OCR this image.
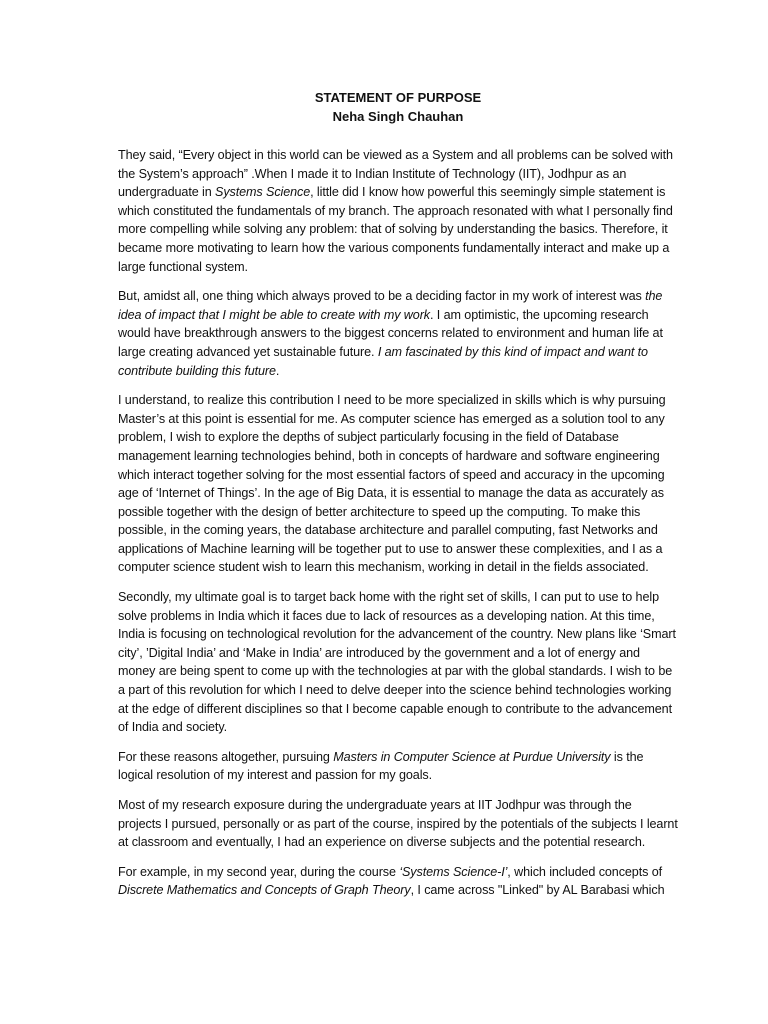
STATEMENT OF PURPOSE

Neha Singh Chauhan

They said, “Every object in this world can be viewed as a System and all problems can be solved with the System’s approach” .When I made it to Indian Institute of Technology (IIT), Jodhpur as an undergraduate in Systems Science, little did I know how powerful this seemingly simple statement is which constituted the fundamentals of my branch. The approach resonated with what I personally find more compelling while solving any problem: that of solving by understanding the basics. Therefore, it became more motivating to learn how the various components fundamentally interact and make up a large functional system.

But, amidst all, one thing which always proved to be a deciding factor in my work of interest was the idea of impact that I might be able to create with my work. I am optimistic, the upcoming research would have breakthrough answers to the biggest concerns related to environment and human life at large creating advanced yet sustainable future. I am fascinated by this kind of impact and want to contribute building this future.

I understand, to realize this contribution I need to be more specialized in skills which is why pursuing Master’s at this point is essential for me. As computer science has emerged as a solution tool to any problem, I wish to explore the depths of subject particularly focusing in the field of Database management learning technologies behind, both in concepts of hardware and software engineering which interact together solving for the most essential factors of speed and accuracy in the upcoming age of ‘Internet of Things’. In the age of Big Data, it is essential to manage the data as accurately as possible together with the design of better architecture to speed up the computing. To make this possible, in the coming years, the database architecture and parallel computing, fast Networks and applications of Machine learning will be together put to use to answer these complexities, and I as a computer science student wish to learn this mechanism, working in detail in the fields associated.

Secondly, my ultimate goal is to target back home with the right set of skills, I can put to use to help solve problems in India which it faces due to lack of resources as a developing nation. At this time, India is focusing on technological revolution for the advancement of the country. New plans like ‘Smart city’, ’Digital India’ and ‘Make in India’ are introduced by the government and a lot of energy and money are being spent to come up with the technologies at par with the global standards. I wish to be a part of this revolution for which I need to delve deeper into the science behind technologies working at the edge of different disciplines so that I become capable enough to contribute to the advancement of India and society.

For these reasons altogether, pursuing Masters in Computer Science at Purdue University is the logical resolution of my interest and passion for my goals.

Most of my research exposure during the undergraduate years at IIT Jodhpur was through the projects I pursued, personally or as part of the course, inspired by the potentials of the subjects I learnt at classroom and eventually, I had an experience on diverse subjects and the potential research.

For example, in my second year, during the course ‘Systems Science-I’, which included concepts of Discrete Mathematics and Concepts of Graph Theory, I came across "Linked" by AL Barabasi which
